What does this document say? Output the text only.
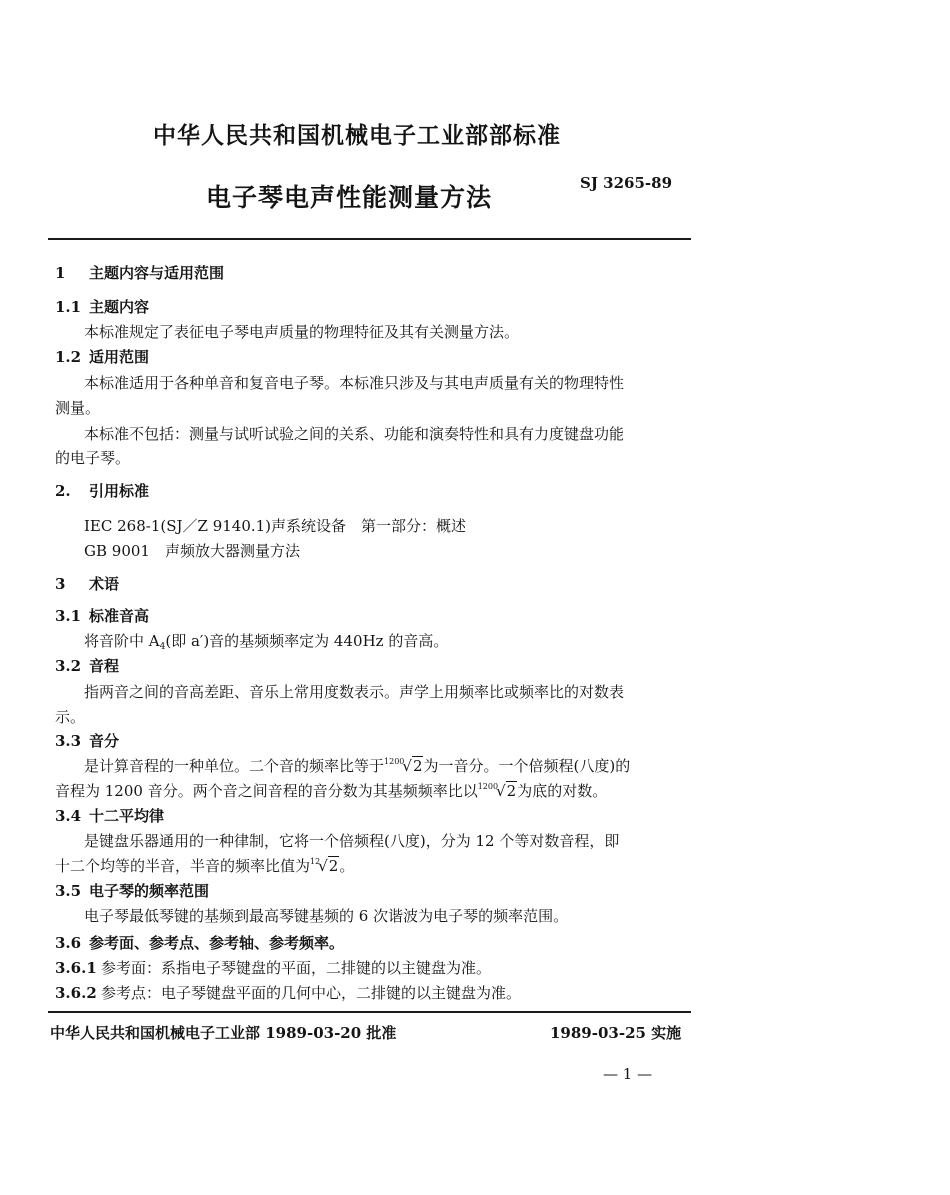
中华人民共和国机械电子工业部部标准
电子琴电声性能测量方法	SJ 3265-89
1 主题内容与适用范围
1.1 主题内容
本标准规定了表征电子琴电声质量的物理特征及其有关测量方法。
1.2 适用范围
本标准适用于各种单音和复音电子琴。本标准只涉及与其电声质量有关的物理特性
测量。
本标准不包括：测量与试听试验之间的关系、功能和演奏特性和具有力度键盘功能
的电子琴。
2. 引用标准
IEC 268-1(SJ／Z 9140.1)声系统设备　第一部分：概述
GB 9001　声频放大器测量方法
3 术语
3.1 标准音高
将音阶中 $A_4$(即 a′)音的基频频率定为 440Hz 的音高。
3.2 音程
指两音之间的音高差距、音乐上常用度数表示。声学上用频率比或频率比的对数表
示。
3.3 音分
是计算音程的一种单位。二个音的频率比等于$^{1200}$√2为一音分。一个倍频程(八度)的
音程为 1200 音分。两个音之间音程的音分数为其基频频率比以$^{1200}$√2为底的对数。
3.4 十二平均律
是键盘乐器通用的一种律制，它将一个倍频程(八度)，分为 12 个等对数音程，即
十二个均等的半音，半音的频率比值为$^{12}$√2。
3.5 电子琴的频率范围
电子琴最低琴键的基频到最高琴键基频的 6 次谐波为电子琴的频率范围。
3.6 参考面、参考点、参考轴、参考频率。
3.6.1 参考面：系指电子琴键盘的平面，二排键的以主键盘为准。
3.6.2 参考点：电子琴键盘平面的几何中心，二排键的以主键盘为准。
中华人民共和国机械电子工业部 1989-03-20 批准	1989-03-25 实施
— 1 —
